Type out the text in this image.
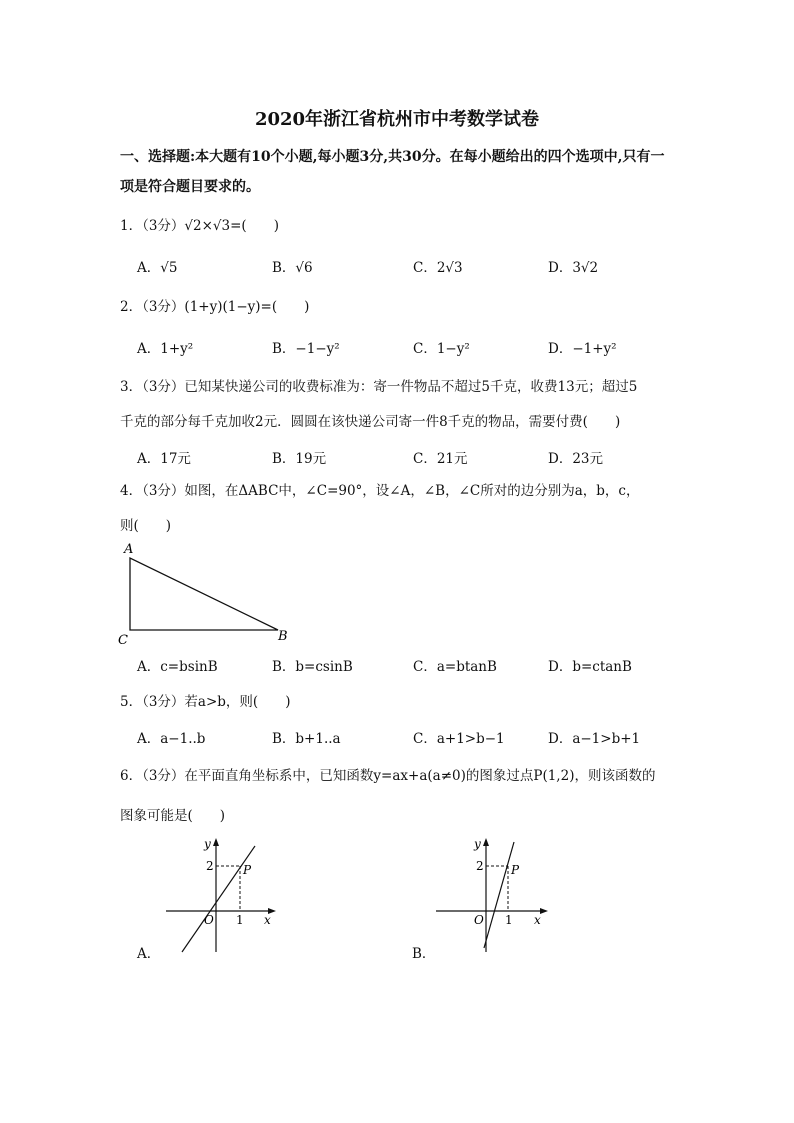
2020年浙江省杭州市中考数学试卷
一、选择题:本大题有10个小题,每小题3分,共30分。在每小题给出的四个选项中,只有一
项是符合题目要求的。
1．（3分）√2×√3=(　　)
A．√5	B．√6	C．2√3	D．3√2
2．（3分）(1+y)(1−y)=(　　)
A．1+y²	B．−1−y²	C．1−y²	D．−1+y²
3．（3分）已知某快递公司的收费标准为：寄一件物品不超过5千克，收费13元；超过5
千克的部分每千克加收2元．圆圆在该快递公司寄一件8千克的物品，需要付费(　　)
A．17元	B．19元	C．21元	D．23元
4．（3分）如图，在ΔABC中，∠C=90°，设∠A，∠B，∠C所对的边分别为a，b，c，
则(　　)
A
C	B
A．c=bsinB	B．b=csinB	C．a=btanB	D．b=ctanB
5．（3分）若a>b，则(　　)
A．a−1..b	B．b+1..a	C．a+1>b−1	D．a−1>b+1
6．（3分）在平面直角坐标系中，已知函数y=ax+a(a≠0)的图象过点P(1,2)，则该函数的
图象可能是(　　)
y
2 P
O 1 x
A．
y
2 P
O 1 x
B．
